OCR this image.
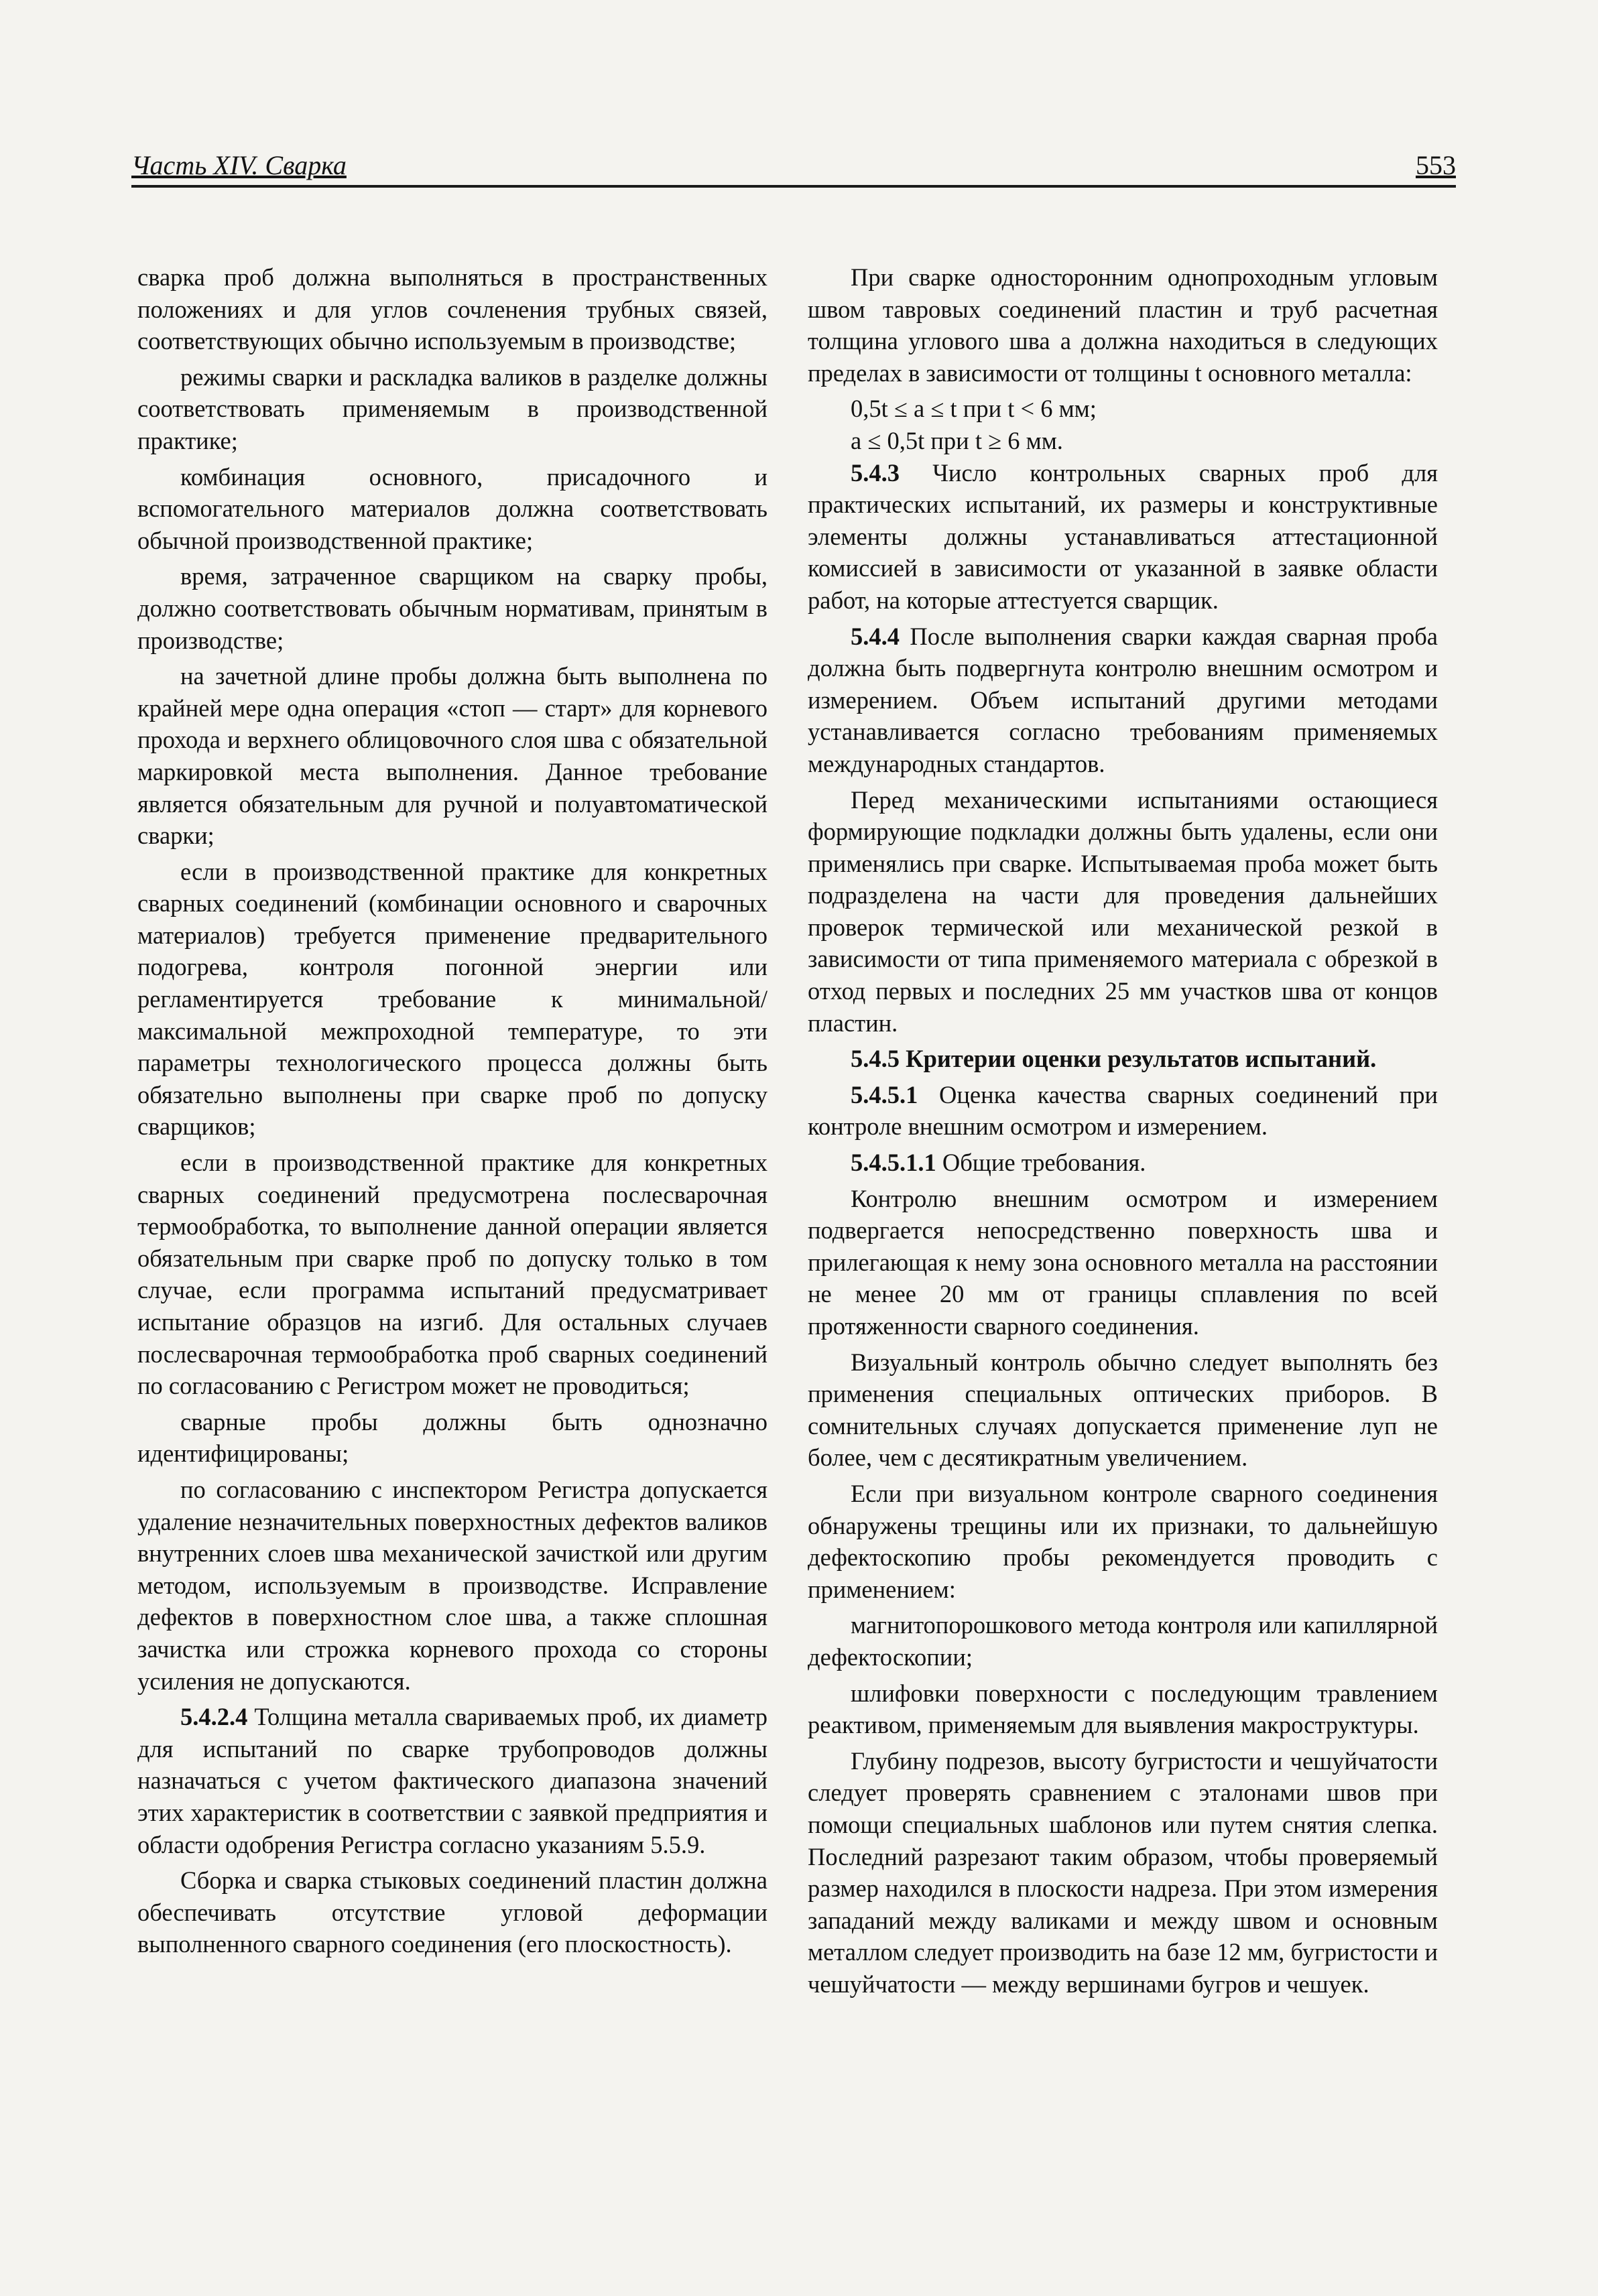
Часть XIV. Сварка	553

сварка проб должна выполняться в пространственных положениях и для углов сочленения трубных связей, соответствующих обычно используемым в производстве;

режимы сварки и раскладка валиков в разделке должны соответствовать применяемым в производственной практике;

комбинация основного, присадочного и вспомогательного материалов должна соответствовать обычной производственной практике;

время, затраченное сварщиком на сварку пробы, должно соответствовать обычным нормативам, принятым в производстве;

на зачетной длине пробы должна быть выполнена по крайней мере одна операция «стоп — старт» для корневого прохода и верхнего облицовочного слоя шва с обязательной маркировкой места выполнения. Данное требование является обязательным для ручной и полуавтоматической сварки;

если в производственной практике для конкретных сварных соединений (комбинации основного и сварочных материалов) требуется применение предварительного подогрева, контроля погонной энергии или регламентируется требование к минимальной/максимальной межпроходной температуре, то эти параметры технологического процесса должны быть обязательно выполнены при сварке проб по допуску сварщиков;

если в производственной практике для конкретных сварных соединений предусмотрена послесварочная термообработка, то выполнение данной операции является обязательным при сварке проб по допуску только в том случае, если программа испытаний предусматривает испытание образцов на изгиб. Для остальных случаев послесварочная термообработка проб сварных соединений по согласованию с Регистром может не проводиться;

сварные пробы должны быть однозначно идентифицированы;

по согласованию с инспектором Регистра допускается удаление незначительных поверхностных дефектов валиков внутренних слоев шва механической зачисткой или другим методом, используемым в производстве. Исправление дефектов в поверхностном слое шва, а также сплошная зачистка или строжка корневого прохода со стороны усиления не допускаются.

5.4.2.4 Толщина металла свариваемых проб, их диаметр для испытаний по сварке трубопроводов должны назначаться с учетом фактического диапазона значений этих характеристик в соответствии с заявкой предприятия и области одобрения Регистра согласно указаниям 5.5.9.

Сборка и сварка стыковых соединений пластин должна обеспечивать отсутствие угловой деформации выполненного сварного соединения (его плоскостность).

При сварке односторонним однопроходным угловым швом тавровых соединений пластин и труб расчетная толщина углового шва a должна находиться в следующих пределах в зависимости от толщины t основного металла:

0,5t ≤ a ≤ t при t < 6 мм;

a ≤ 0,5t при t ≥ 6 мм.

5.4.3 Число контрольных сварных проб для практических испытаний, их размеры и конструктивные элементы должны устанавливаться аттестационной комиссией в зависимости от указанной в заявке области работ, на которые аттестуется сварщик.

5.4.4 После выполнения сварки каждая сварная проба должна быть подвергнута контролю внешним осмотром и измерением. Объем испытаний другими методами устанавливается согласно требованиям применяемых международных стандартов.

Перед механическими испытаниями остающиеся формирующие подкладки должны быть удалены, если они применялись при сварке. Испытываемая проба может быть подразделена на части для проведения дальнейших проверок термической или механической резкой в зависимости от типа применяемого материала с обрезкой в отход первых и последних 25 мм участков шва от концов пластин.

5.4.5 Критерии оценки результатов испытаний.

5.4.5.1 Оценка качества сварных соединений при контроле внешним осмотром и измерением.

5.4.5.1.1 Общие требования.

Контролю внешним осмотром и измерением подвергается непосредственно поверхность шва и прилегающая к нему зона основного металла на расстоянии не менее 20 мм от границы сплавления по всей протяженности сварного соединения.

Визуальный контроль обычно следует выполнять без применения специальных оптических приборов. В сомнительных случаях допускается применение луп не более, чем с десятикратным увеличением.

Если при визуальном контроле сварного соединения обнаружены трещины или их признаки, то дальнейшую дефектоскопию пробы рекомендуется проводить с применением:

магнитопорошкового метода контроля или капиллярной дефектоскопии;

шлифовки поверхности с последующим травлением реактивом, применяемым для выявления макроструктуры.

Глубину подрезов, высоту бугристости и чешуйчатости следует проверять сравнением с эталонами швов при помощи специальных шаблонов или путем снятия слепка. Последний разрезают таким образом, чтобы проверяемый размер находился в плоскости надреза. При этом измерения западаний между валиками и между швом и основным металлом следует производить на базе 12 мм, бугристости и чешуйчатости — между вершинами бугров и чешуек.
